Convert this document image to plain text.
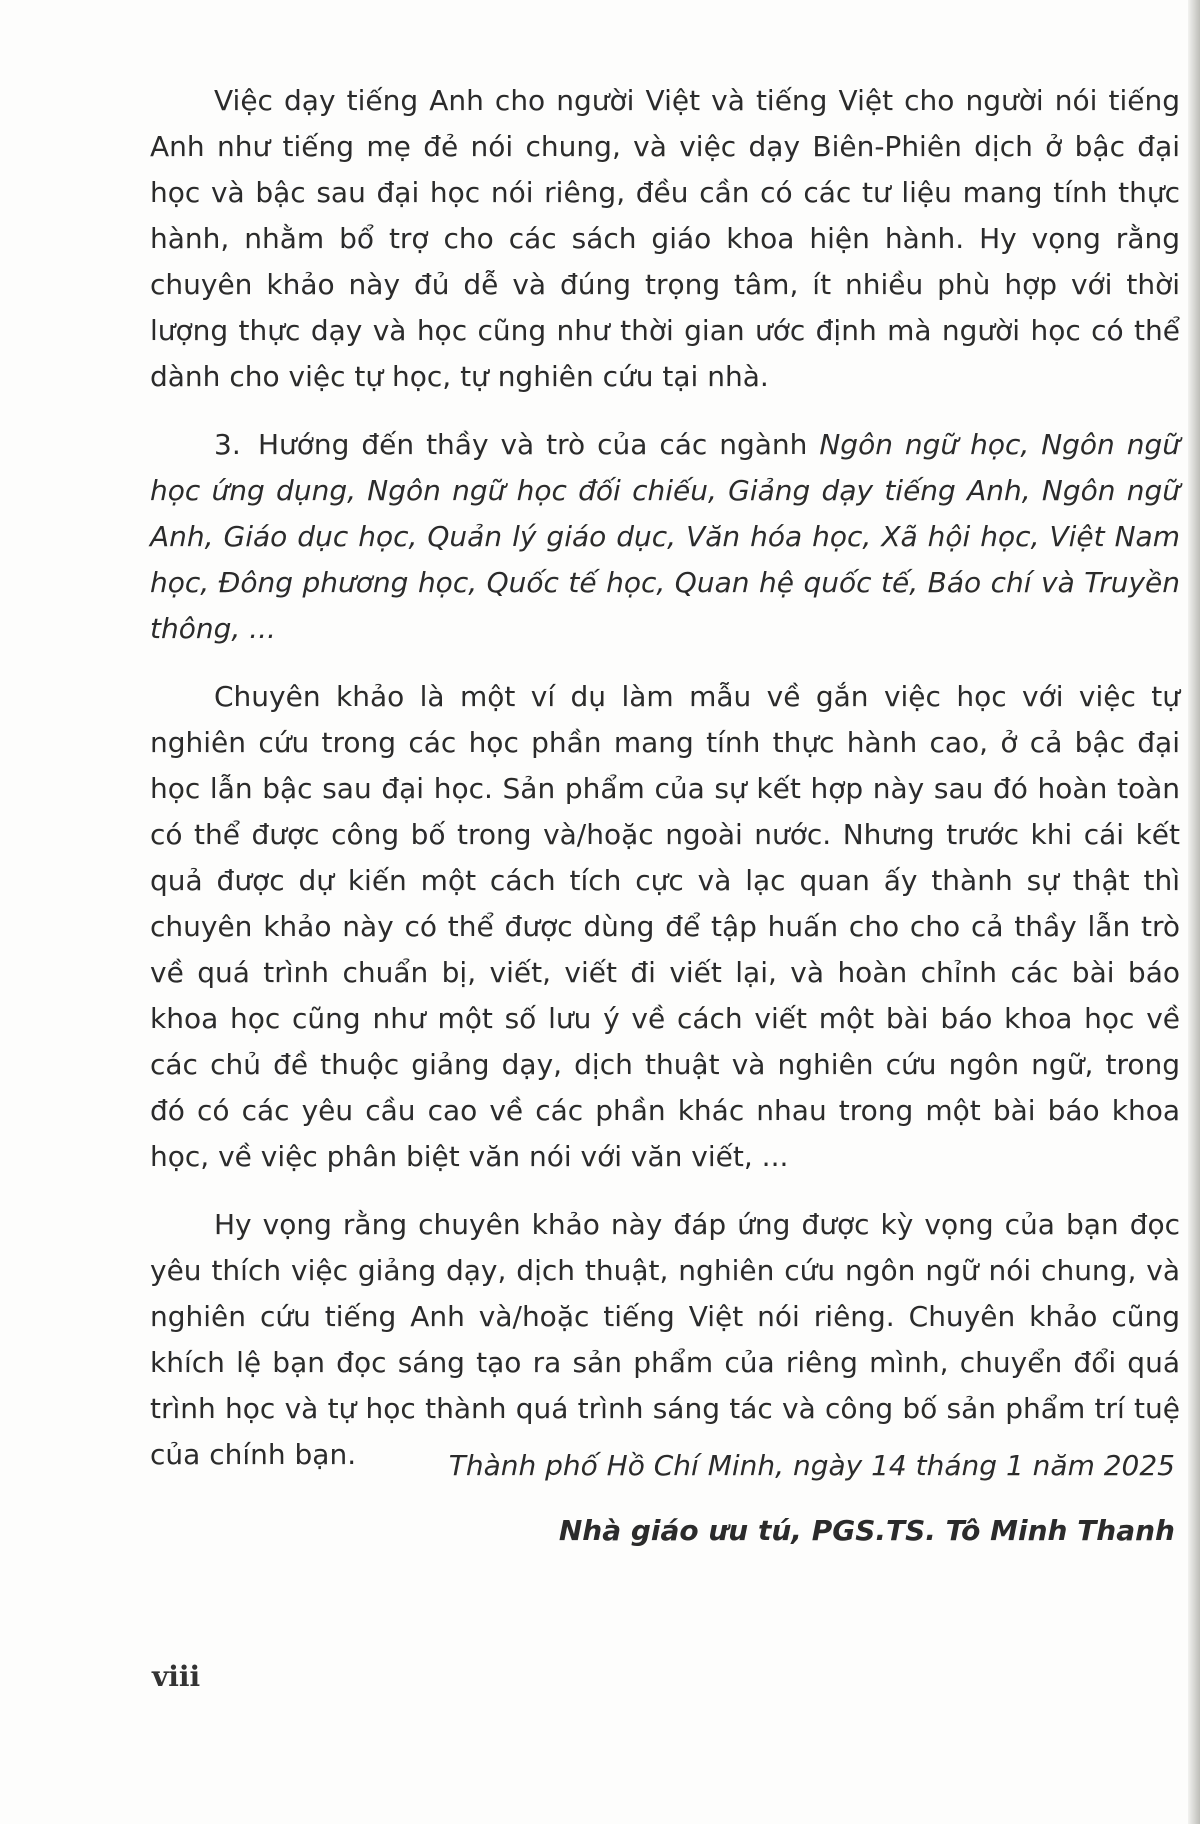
Việc dạy tiếng Anh cho người Việt và tiếng Việt cho người nói tiếng Anh như tiếng mẹ đẻ nói chung, và việc dạy Biên-Phiên dịch ở bậc đại học và bậc sau đại học nói riêng, đều cần có các tư liệu mang tính thực hành, nhằm bổ trợ cho các sách giáo khoa hiện hành. Hy vọng rằng chuyên khảo này đủ dễ và đúng trọng tâm, ít nhiều phù hợp với thời lượng thực dạy và học cũng như thời gian ước định mà người học có thể dành cho việc tự học, tự nghiên cứu tại nhà.

3. Hướng đến thầy và trò của các ngành Ngôn ngữ học, Ngôn ngữ học ứng dụng, Ngôn ngữ học đối chiếu, Giảng dạy tiếng Anh, Ngôn ngữ Anh, Giáo dục học, Quản lý giáo dục, Văn hóa học, Xã hội học, Việt Nam học, Đông phương học, Quốc tế học, Quan hệ quốc tế, Báo chí và Truyền thông, ...

Chuyên khảo là một ví dụ làm mẫu về gắn việc học với việc tự nghiên cứu trong các học phần mang tính thực hành cao, ở cả bậc đại học lẫn bậc sau đại học. Sản phẩm của sự kết hợp này sau đó hoàn toàn có thể được công bố trong và/hoặc ngoài nước. Nhưng trước khi cái kết quả được dự kiến một cách tích cực và lạc quan ấy thành sự thật thì chuyên khảo này có thể được dùng để tập huấn cho cho cả thầy lẫn trò về quá trình chuẩn bị, viết, viết đi viết lại, và hoàn chỉnh các bài báo khoa học cũng như một số lưu ý về cách viết một bài báo khoa học về các chủ đề thuộc giảng dạy, dịch thuật và nghiên cứu ngôn ngữ, trong đó có các yêu cầu cao về các phần khác nhau trong một bài báo khoa học, về việc phân biệt văn nói với văn viết, ...

Hy vọng rằng chuyên khảo này đáp ứng được kỳ vọng của bạn đọc yêu thích việc giảng dạy, dịch thuật, nghiên cứu ngôn ngữ nói chung, và nghiên cứu tiếng Anh và/hoặc tiếng Việt nói riêng. Chuyên khảo cũng khích lệ bạn đọc sáng tạo ra sản phẩm của riêng mình, chuyển đổi quá trình học và tự học thành quá trình sáng tác và công bố sản phẩm trí tuệ của chính bạn.	Thành phố Hồ Chí Minh, ngày 14 tháng 1 năm 2025
Nhà giáo ưu tú, PGS.TS. Tô Minh Thanh
viii
